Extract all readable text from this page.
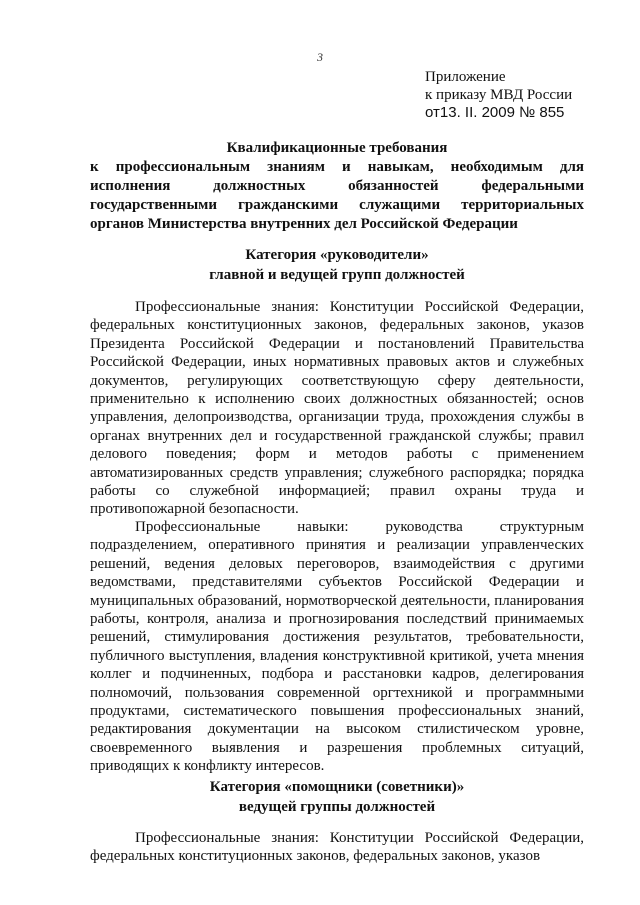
3
Приложение
к приказу МВД России
от13. II. 2009 № 855
Квалификационные требования
к профессиональным знаниям и навыкам, необходимым для
исполнения должностных обязанностей федеральными
государственными гражданскими служащими территориальных
органов Министерства внутренних дел Российской Федерации
Категория «руководители»
главной и ведущей групп должностей

Профессиональные знания: Конституции Российской Федерации, федеральных конституционных законов, федеральных законов, указов Президента Российской Федерации и постановлений Правительства Российской Федерации, иных нормативных правовых актов и служебных документов, регулирующих соответствующую сферу деятельности, применительно к исполнению своих должностных обязанностей; основ управления, делопроизводства, организации труда, прохождения службы в органах внутренних дел и государственной гражданской службы; правил делового поведения; форм и методов работы с применением автоматизированных средств управления; служебного распорядка; порядка работы со служебной информацией; правил охраны труда и противопожарной безопасности.

Профессиональные навыки: руководства структурным подразделением, оперативного принятия и реализации управленческих решений, ведения деловых переговоров, взаимодействия с другими ведомствами, представителями субъектов Российской Федерации и муниципальных образований, нормотворческой деятельности, планирования работы, контроля, анализа и прогнозирования последствий принимаемых решений, стимулирования достижения результатов, требовательности, публичного выступления, владения конструктивной критикой, учета мнения коллег и подчиненных, подбора и расстановки кадров, делегирования полномочий, пользования современной оргтехникой и программными продуктами, систематического повышения профессиональных знаний, редактирования документации на высоком стилистическом уровне, своевременного выявления и разрешения проблемных ситуаций, приводящих к конфликту интересов.

Категория «помощники (советники)»
ведущей группы должностей

Профессиональные знания: Конституции Российской Федерации, федеральных конституционных законов, федеральных законов, указов
